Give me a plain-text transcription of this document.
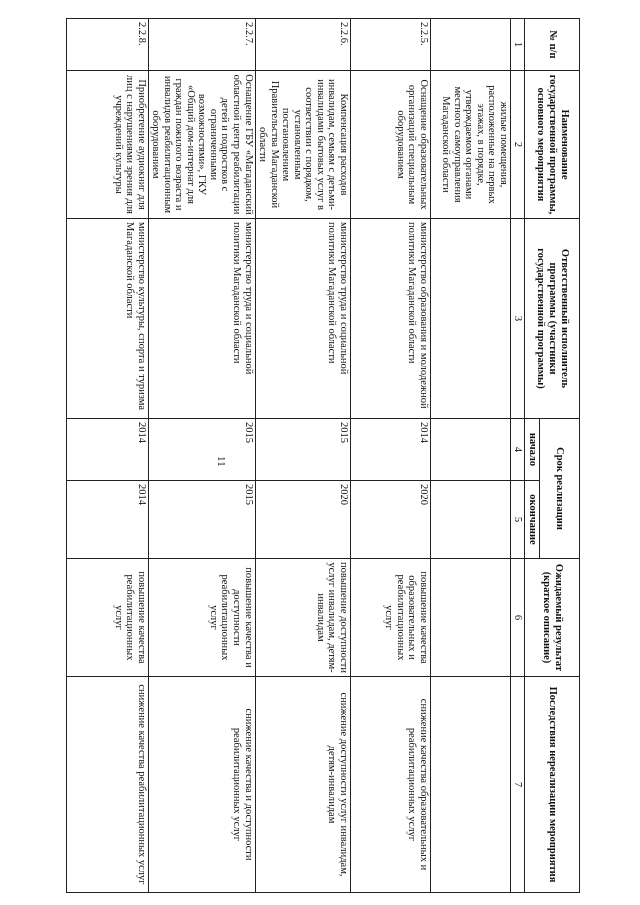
11
№ п/п	Наименование государственной программы, основного мероприятия	Ответственный исполнитель программы (участники государственной программы)	Срок реализации		Ожидаемый результат (краткое описание)	Последствия нереализации мероприятия
			начало	окончание		
1	2	3	4	5	6	7
	жилые помещения, расположенные на первых этажах, в порядке, утверждаемом органами местного самоуправления Магаданской области					
2.2.5.	Оснащение образовательных организаций специальным оборудованием	министерство образования и молодежной политики Магаданской области	2014	2020	повышение качества образовательных и реабилитационных услуг	снижение качества образовательных и реабилитационных услуг
2.2.6.	Компенсация расходов инвалидам, семьям с детьми-инвалидами бытовых услуг в соответствии с порядком, установленным постановлением Правительства Магаданской области	министерство труда и социальной политики Магаданской области	2015	2020	повышение доступности услуг инвалидам, детям-инвалидам	снижение доступности услуг инвалидам, детям-инвалидам
2.2.7.	Оснащение ГБУ «Магаданский областной центр реабилитации детей и подростков с ограниченными возможностями», ГКУ «Общий дом-интернат для граждан пожилого возраста и инвалидов реабилитационным оборудованием	министерство труда и социальной политики Магаданской области	2015	2015	повышение качества и доступности реабилитационных услуг	снижение качества и доступности реабилитационных услуг
2.2.8.	Приобретение аудиокниг для лиц с нарушениями зрения для учреждений культуры	министерство культуры, спорта и туризма Магаданской области	2014	2014	повышение качества реабилитационных услуг	снижение качества реабилитационных услуг
